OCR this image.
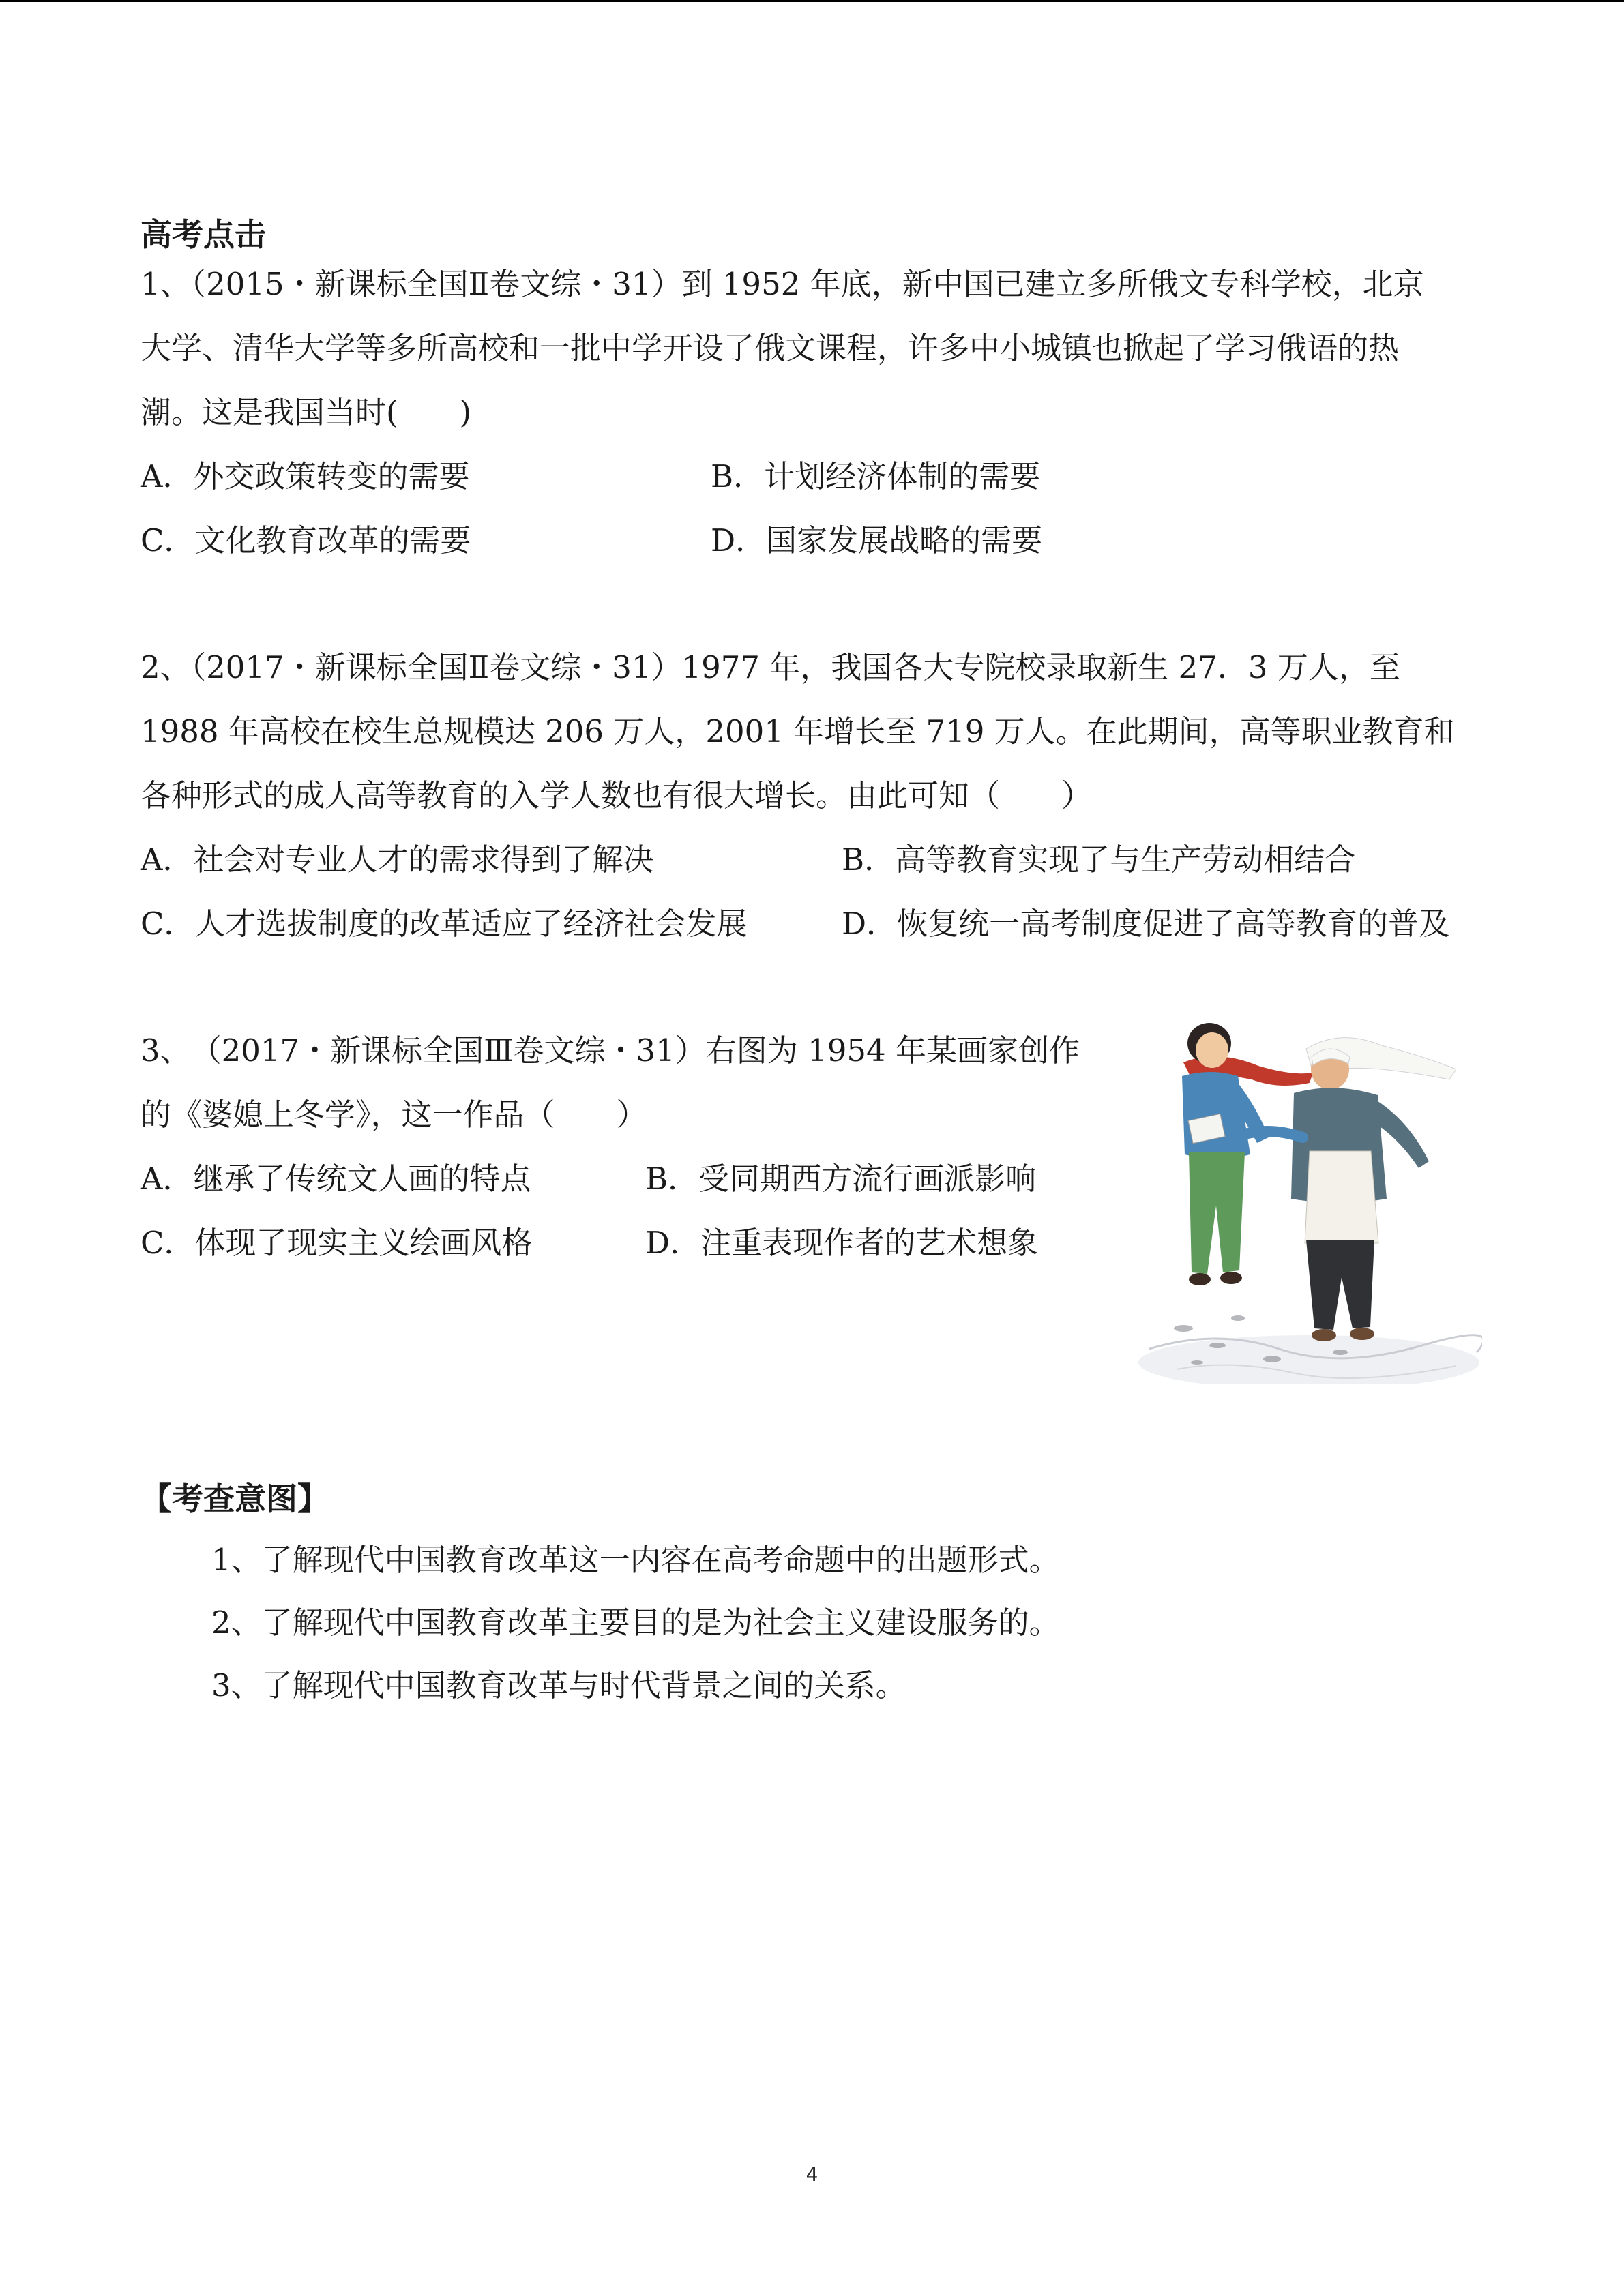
高考点击
1、（2015・新课标全国Ⅱ卷文综・31）到 1952 年底，新中国已建立多所俄文专科学校，北京
大学、清华大学等多所高校和一批中学开设了俄文课程，许多中小城镇也掀起了学习俄语的热
潮。这是我国当时(　　)
A．外交政策转变的需要	B．计划经济体制的需要
C．文化教育改革的需要	D．国家发展战略的需要
2、（2017・新课标全国Ⅱ卷文综・31）1977 年，我国各大专院校录取新生 27．3 万人，至
1988 年高校在校生总规模达 206 万人，2001 年增长至 719 万人。在此期间，高等职业教育和
各种形式的成人高等教育的入学人数也有很大增长。由此可知（　　）
A．社会对专业人才的需求得到了解决	B．高等教育实现了与生产劳动相结合
C．人才选拔制度的改革适应了经济社会发展	D．恢复统一高考制度促进了高等教育的普及
3、　（2017・新课标全国Ⅲ卷文综・31）右图为 1954 年某画家创作
的《婆媳上冬学》，这一作品（　　）
A．继承了传统文人画的特点	B．受同期西方流行画派影响
C．体现了现实主义绘画风格	D．注重表现作者的艺术想象
【考查意图】
1、了解现代中国教育改革这一内容在高考命题中的出题形式。
2、了解现代中国教育改革主要目的是为社会主义建设服务的。
3、了解现代中国教育改革与时代背景之间的关系。
4
